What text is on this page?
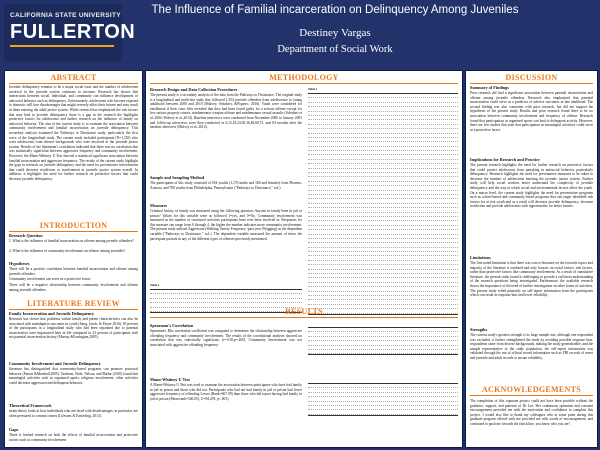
CALIFORNIA STATE UNIVERSITY
FULLERTON
The Influence of Familial incarceration on Delinquency Among Juveniles
Destiney Vargas
Department of Social Work
ABSTRACT
Juvenile delinquency remains to be a major social issue and the number of adolescents involved in the juvenile system continues to increase. Research has shown that interactions between social, individual, and community can influence development of antisocial behavior such as delinquency. Unfortunately, adolescents who become exposed to domestic will face disadvantages that might severely affect their futures and may result in them entering the adult justice system. While research has emphasized the risk factors that may lead to juvenile delinquency there is a gap in the research the highlights protective factors for adolescents and further research on the influence of family on antisocial behavior. The aim of the current study is to examine the association between community involvement and familial incarceration on juvenile delinquency. This secondary analysis examined the Pathways to Desistance study, particularly the first wave of the longitudinal study. The current study included participants (N=1,355) who were adolescents from diverse backgrounds who were involved in the juvenile justice system. Results of the Spearman's correlation indicated that there was no correlation that was statistically significant between aggressive frequency and community involvement. However, the Mann-Whitney U Test showed a statistical significant association between familial incarceration and aggressive frequency. The results of the current study highlight the gaps in research on juvenile delinquency and the need for preventative interventions that could decrease recidivism or involvement in juvenile justice system overall. In addition, it highlights the need for further research on protective factors that could decrease juvenile delinquency.
INTRODUCTION
Research Question
1. What is the influence of familial incarceration on offense among juvenile offenders?
2. What is the influence of community involvement on offense among juveniles?
Hypotheses
There will be a positive correlation between familial incarceration and offense among juvenile offenders.
Community involvement can serve as a protective factor.
There will be a negative relationship between community involvement and offense among juvenile offenders.
LITERATURE REVIEW
Family Incarceration and Juvenile Delinquency
Research has shown that problems within family and parent characteristics can also be associated with maladaptive outcomes in youth (Jaerg, Jacob, & Payne 2016). 65 percent of the participants in a longitudinal study who had been separated due to parental incarceration were imprisoned later in life compared to 23 percent of participants with not parental incarceration history (Murray &Farrington,2005).
Community Involvement and Juvenile Delinquency
literature has distinguished that community-based programs can promote prosocial behavior (Parton &Marshall,2005). Taulman, Wale, Nelson, and Madar (2010) found that meaningful activities such as organized sports, religious involvement, other activities could decrease aggression and delinquent behavior.
Theoretical Framework
strain theory looks at how individuals who are faced with disadvantages, in particular, are often pressured to commit crimes (Lifesons & Easterling, 2013).
Gaps
There is limited research on both the effects of familial incarceration and protective factors such as community involvement
METHODOLOGY
Research Design and Data Collection Procedures
The present study is a secondary analysis of the data from the Pathways to Desistance. The original study is a longitudinal and multi-site study that followed 1,354 juvenile offenders from adolescence to young adulthood between 2000 and 2010 (Mulvey, Schubert, &Piquero, 2016). Youth were considered for enrollment if their court files revealed that they had been found guilty for a serious offense except for less serious property crimes, misdemeanor weapon offense and misdemeanor sexual assaults (Schubert et al.,2004; Mulvey et al.,2014). Baseline interviews were conducted from November 2000 to January 2003 and follow-up interviews were then conducted at 6,12,18,24,30,36,48,60,72, and 84 months after the baseline interview (Mulvey et al.,2014).
Sample and Sampling Method
The participants of this study consisted of 654 youths (1,170 males and 184 and females) from Phoenix, Arizona, and 700 youths from Philadelphia, Pennsylvania ("Pathways to Desistance," n.d.).
Measures
Criminal history of family was measured using the following question: Anyone in family been in jail or prison? Values for this variable were as followed 1=yes, and 0=No. Community involvement was measured as the number of structured activities participants have ever been involved in. Responses for this measure can range from 0 through 4, the higher the number indicates more community involvement. The present study utilized Aggression (Walking Variety Frequency -past year (Wagging) as the dependent variable ("Pathways to Desistance," n.d.). The dependent variable measured the amount of times the participant partook in any of the different types of offenses previously mentioned.
Table 2
Table 1
RESULTS
Spearman's Correlation
Spearman's Rho correlation coefficient was computed to determine the relationship between aggressive offending frequency and community involvement. The results of the correlational analyses showed no correlation that was statistically significant, (r=.018,p=.469). Community Involvement was not associated with aggressive offending frequency.
Mann-Whitney U Test
A Mann-Whitney U Test was used to examine the association between participants who have had family in jail or prison and those who did not. Participants who had not had family in jail or prison had lower aggressive frequency of offending Lower (Rank=667.09) than those who did report having had family in jail or prison (Mean rank=546.05), U=84,478, p<.001).
DISCUSSION
Summary of Findings
Prior research did find a significant association between parental incarceration and offense among juvenile offenders. Research also emphasized that parental incarceration could serve as a predictor of adverse outcomes in late adulthood. The second finding was also consistent with prior research, but did not support the hypothesis of the present study. Results and prior research found there to be no association between community involvement and frequency of offense. Research found that participation in organized sports can lead to delinquent activity. However, there are few studies that state that participation in meaningful activities could serve as a protective factor.
Implications for Research and Practice
The present research highlights the need for further research on protective factors that could protect adolescents from partaking in antisocial behavior, particularly delinquency. Research highlights the need for preventative measures to be taken to decrease the number of adolescents entering the juvenile justice system. Further study will help social workers better understand the complexity of juvenile delinquency and the way in which social and environmental factors affect the youth. On a macro level, the current study highlights the need for preventative programs such as school-based and community-based programs that can target identified risk factors for at risk youth and as a result will decrease juvenile delinquency, decrease recidivism and provide adolescents with opportunities for better futures.
Limitations
The first noted limitation is that there was scarce literature on the research topics and majority of the literature is outdated and only focuses on social factors, risk factors, rather than protective factors like community involvement. As a result of cumulative literature, the present study found it challenging to provide a sufficient understanding of the research questions being investigated. Furthermore, the available research shows the importance of the need of further investigation on other forms of activities. The present study relied primarily on self-report information from the participants which can result in response bias and lower reliability.
Strengths
The current study's greatest strength is its large sample size, although one respondent was excluded, it further strengthened the study by avoiding possible response bias. respondents came from diverse backgrounds, making the study generalizable, and the sample representative of the study population, the self-report information was validated through the use of official record information such as FBI records of arrest and juvenile and adult records to ensure reliability.
ACKNOWLEDGEMENTS
The completion of this capstone project could not have been possible without the guidance, support, and patience of Dr Lee. Her continuous optimism and constant encouragement provided me with the motivation and confidence to complete this project. I would also like to thank my colleagues who at some point during this graduate program offered with me provided me with words of encouragement, and continued to push me towards the finish line, you know who you are!
